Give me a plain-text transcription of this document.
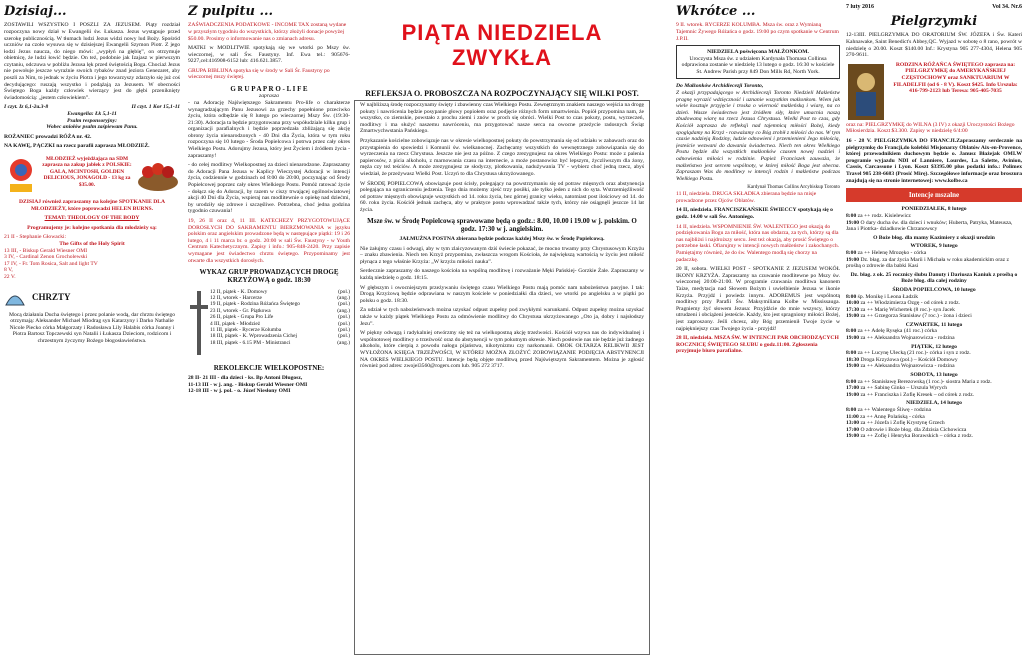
Dzisiaj...

ZOSTAWILI WSZYSTKO I POSZLI ZA JEZUSEM. Piąty rozdział rozpoczyna nowy dział w Ewangelii św. Łukasza. Jezus wystąpuje przed szerokę publicznością. W tłumach ludzi Jezus widzi nowy lud Boży. Spośród uczniów na czoło wysuwa się w dzisiejszej Ewangelii Szymon Piotr. Z jego łodzi Jezus naucza, do niego mówi: „wypłyń na głębię”, on otrzymuje obietnicę, że ludzi łowić będzie. On też, podobnie jak Izajasz w pierwszym czytaniu, odczuwa w pobliżu Jezusa lęk przed świętością Boga. Chociaż Jezus nie powołuje jeszcze wyraźnie swoich rybaków znad jeziora Genezaret, aby poszli za Nim, to jednak w życiu Piotra i jego towarzyszy zdarzyło się już coś decydującego: ruszają wszystko i podążają za Jezusem. W obecności Świętego Boga każdy człowiek wierzący jest do głębi przeniknięty świadomością: „jestem człowiekiem”.

I czyt. Iz 6,1-2a.3-8	II czyt. 1 Kor 15,1-11
Ewangelia: Łk 5,1-11
Psalm responsoryjny:

Wobec aniołów psalm zaśpiewam Panu.

ROŻANIEC prowadzi RÓŻA nr. 42.

NA KAWĘ, PĄCZKI na rzecz parafii zaprasza MŁODZIEŻ.

MŁODZIEŻ wyjeżdżająca na SDM zaprasza na zakup jabłek z POLSKIE: GALA, MCINTOSH, GOLDEN DELICIOUS, JONAGOLD - 13 kg za $35.00.

DZISIAJ również zapraszamy na kolejne SPOTKANIE DLA MŁODZIEŻY, które poprowadzi HELEN BURNS.

TEMAT: THEOLOGY OF THE BODY

Programujemy je: kolejne spotkania dla młodzieży są:

21 II - Stephanie Głowacki:
The Gifts of the Holy Spirit
13 III, - Biskup Gerald Wiesner OMI
3 IV, - Cardinal Zenon Grocholewski
17 IV, - Fr. Tom Rosica, Salt and light TV
8 V,
22 V.
CHRZTY

Mocą działania Ducha świętego i przez polanie wodą, dar chrztu świętego otrzymają: Aleksander Michael Miodrag syn Katarzyny i Darko Nathalie Nicole Piecko córka Małgorzaty i Radosława Lily Halabis córka Joanny i Piotra Bartosz Topczewski syn Natalii i Łukasza Dzieciom, rodzicom i chrzestnym życzymy Bożego błogosławieństwa.

Z pulpitu ...

ZAŚWIADCZENIA PODATKOWE - INCOME TAX zostaną wydane w przyszłym tygodniu do wszystkich, którzy złożyli donacje powyżej $50.00. Prosimy o informowanie nas o zmianach adresu.

MATKI w MODLITWIE spotykają się we wtorki po Mszy św. wieczornej, w sali Św. Faustyny. Inf. Ewa tel.: 905676-9227,cel:416908-6152 lub: 416.621.3857.

GRUPA BIBLIJNA spotyka się w środy w Sali Śr. Faustyny po wieczornej mszy świętej.

G R U P A P R O - L I F E
zaprasza

- na Adorację Najświętszego Sakramentu Pro-life o charakterze wynagradzającym Panu Jezusowi za grzechy popełnione przeciwko życiu, która odbędzie się 8 lutego po wieczornej Mszy Św. (19:30-21:30). Adoracja ta będzie przygotowana przy współudziale kilku grup i organizacji parafialnych i będzie poprzedzała zbliżającą się akcję obrony życia nienarodzonych - 40 Dni dla Życia, która w tym roku rozpoczyna się 10 lutego - Środa Popielcowa i potrwa przez cały okres Wielkiego Postu. Adorujmy Jezusa, który jest Życiem i źródłem życia - zapraszamy!

- do celej modlitwy Wielkopostnej za dzieci nienarodzone. Zapraszamy do Adoracji Pana Jezusa w Kaplicy Wieczystej Adoracji w intencji życia, codziennie w godzinach od 8:00 do 20:00, poczynając od Środy Popielcowej poprzez cały okres Wielkiego Postu. Pomóż ratować życie - dołącz się do Adoracji, by razem w ciszy trwającej ogólnoświatowej akcji 40 Dni dla Życia, wspieraj nas modlitewnie o opiekę nad dziećmi, by urodziły się zdrowe i szczęśliwe. Potrzebna, choć jedna godzina tygodnio czuwania!

19, 26 II oraz 4, 11 III. KATECHEZY PRZYGOTOWUJĄCE DOROSŁYCH DO SAKRAMENTU BIERZMOWANIA w języku polskim oraz angielskim prowadzone będą w następujące piątki: 19 i 26 lutego, 4 i 11 marca br. o godz. 20:00 w sali Św. Faustyny - w Youth Centrum Katechetycznym. Zapisy i info.: 905-848-2420. Przy zapisie wymagane jest świadectwo chrztu świętego. Przypominamy jest otwarte dla wszystkich dorosłych.

WYKAZ GRUP PROWADZĄCYCH DROGĘ KRZYŻOWĄ o godz. 18:30
12 II, piątek - K. Domowy	(pol.)
12 II, wtorek - Harcerze	(ang.)
19 II, piątek - Rodzina Różańca Świętego	(pol.)
23 II, wtorek - Gr. Piątkowa	(ang.)
26 II, piątek - Grupa Pro Life	(pol.)
4 III, piątek - Młodzież	(pol.)
11 III, piątek - Rycerze Kolumba	(pol.)
18 III, piątek - K. Wprowadzenia Cichej	(pol.)
18 III, piątek - 6.15 PM - Ministranci	(ang.)
REKOLEKCJE WIELKOPOSTNE:
28 II- 21 III - dla dzieci - ks. Bp Antoni Długosz,
11-13 III - w j. ang. - Biskup Gerald Wiesner OMI
12-18 III - w j. pol. - o. Józef Niesłony OMI
PIĄTA NIEDZIELA ZWYKŁA
REFLEKSJA O. PROBOSZCZA NA ROZPOCZYNAJĄCY SIĘ WILKI POST.

W najbliższą środę rozpoczynamy święty i zbawienny czas Wielkiego Postu. Zewnętrznym znakiem naszego wejścia na drogę pokuty i nawrócenia będzie posypanie głowy popiołem oraz podjęcie różnych form umartwienia. Popiół przypomina nam, że wszystko, co ziemskie, powstało z prochu ziemi i znów w proch się obróci. Wielki Post to czas pokuty, postu, wyrzeczeń, modlitwy i ma służyć naszemu nawróceniu, ma przygotować nasze serca na owocne przeżycie radosnych Świąt Zmartwychwstania Pańskiego.

Przykazanie kościelne zobowiązuje nas w okresie wielkopostnej pokuty do powstrzymania się od udziału w zabawach oraz do przystąpienia do spowiedzi i Komunii św. wielkanocnej. Zachęcamy wszystkich do wewnętrznego zobowiązania się do wyrzeczenia na rzecz Chrystusa. Jeszcze nie jest za późno. Z czego zrezygnujesz na okres Wielkiego Postu: może z palenia papierosów, z picia alkoholu, z marnowania czasu na internecie, a może postanowisz być lepszym, życzliwszym dla żony, męża czy też teściów. A może zrezygnujesz ze słodyczy, plotkowania, nadużywania TV - wybierz choć jedną rzecz, abyś wiedział, że przeżywasz Wielki Post. Uczyń to dla Chrystusa ukrzyżowanego.

W ŚRODĘ POPIELCOWĄ obowiązuje post ścisły, polegający na powstrzymaniu się od potraw mięsnych oraz abstynencja polegająca na ograniczeniu jedzenia. Tego dnia możemy zjeść trzy posiłki, ale tylko jeden z nich do syta. Wstrzemięźliwość od potraw mięsnych obowiązuje wszystkich od 14. roku życia, bez górnej granicy wieku, natomiast post ilościowy od 14. do 60. roku życia. Kościół jednak zachęca, aby w praktyce postu wprowadzać także tych, którzy nie osiągnęli jeszcze 14 lat życia.

Msze św. w Środę Popielcową sprawowane będą o godz.: 8.00, 10.00 i 19.00 w j. polskim. O godz. 17:30 w j. angielskim.

JAŁMUŻNA POSTNA zbierana będzie podczas każdej Mszy św. w Środę Popielcową.

Nie żałujmy czasu i odwagi, aby w tym zlaicyzowanym dziś świecie pokazać, że mocno trwamy przy Chrystusowym Krzyżu – znaku zbawienia. Niech ten Krzyż przypomina, zwłaszcza wrogom Kościoła, że największą wartością w życiu jest miłość płynąca z tego właśnie Krzyża: „W krzyżu miłości nauka”.

Serdecznie zapraszamy do naszego kościoła na wspólną modlitwę i rozważanie Męki Pańskiej- Gorzkie Żale. Zapraszamy w każdą niedzielę o godz. 18:15.

W głębszym i owocniejszym przeżywaniu świętego czasu Wielkiego Postu mają pomóc nam nabożeństwa pasyjne. I tak: Drogą Krzyżową będzie odprawiana w naszym kościele w poniedziałki dla dzieci, we wtorki po angielsku a w piątki po polsku o godz. 18:30.

Za udział w tych nabożeństwach można uzyskać odpust zupełny pod zwykłymi warunkami. Odpust zupełny można uzyskać także w każdy piątek Wielkiego Postu za odmówienie modlitwy do Chrystusa ukrzyżowanego „Oto ja, dobry i najsłodszy Jezu”.

W piękny odwagą i radykalniej otwórzmy się też na wielkopostną akcję trzeźwości. Kościół wzywa nas do indywidualnej i wspólnotowej modlitwy o trzeźwość oraz do abstynencji w tym pokutnym okresie. Niech posłowie nas nie będzie już żadnego alkoholu, które cierpią z powodu nałogu pijaństwa, nikotynizmu czy narkomanii. OBOK OŁTARZA RELIKWII JEST WYŁOŻONA KSIĘGA TRZEŹWOŚCI, W KTÓREJ MOŻNA ZŁOŻYĆ ZOBOWIĄZANIE PODJĘCIA ABSTYNENCJI NA OKRES WIELKIEGO POSTU. Intencje będą objęte modlitwą przed Najświętszym Sakramentem. Można je zgłosić również pod adres: zwojel3560@rogers.com lub. 905 272 3717.

Wkrótce ...

9 II. wtorek. RYCERZE KOLUMBA. Msza św. oraz z Wymianą Tajemnic Żywego Różańca o godz. 19:00 po czym spotkanie w Centrum J.P.II.

NIEDZIELA poświęcona MAŁŻONKOM.
Uroczysta Msza św. z udziałem Kardynała Thomasa Collinsa odprawiona zostanie w niedzielę 13 lutego o godz. 16:30 w kościele St. Andrew Parish przy 849 Don Mills Rd, North York.
Do Małżonków Archidiecezji Toronto,

Z okazji przypadającego w Archidiecezji Toronto Niedzieli Małżeństw pragnę wyrazić wdzięczność i uznanie wszystkim małżonkom. Wiem jak wiele kosztuje przyjęcie i troska o wierność małżeńską i wiarę, na co dzień. Wasze świadectwo jest źródłem siły, które umacnia naszą zbudowaną wiarę na rzecz Jezusa Chrystusa. Wielki Post to czas, gdy Kościół zaprasza do refleksji nad tajemnicą miłości Bożej, kiedy spoglądamy na Krzyż - rozważamy co Bóg zrobił z miłości do nas. W tym czasie nadzieją Rodziny, ludzie odnowieni i przemienieni Jego miłością, jesteście wezwani do dawania świadectwa. Niech ten okres Wielkiego Postu będzie dla wszystkich małżonków czasem nowej nadziei i odnowienia miłości w rodzinie. Papież Franciszek zauważa, że małżeństwo jest sercem wspólnoty, w której miłość Boga jest obecna. Zapraszam Was do modlitwy w intencji rodzin i małżeństw podczas Wielkiego Postu.

Kardynał Thomas Collins Arcybiskup Toronto

11 II, niedziela. DRUGA SKŁADKA zbierana będzie na misje prowadzone przez Ojców Oblatów.

14 II, niedziela. FRANCISZKAŃSKIE ŚWIECCY spotykają się o godz. 14.00 w sali Św. Antoniego.

14 II, niedziela. WSPOMNIENIE ŚW. WALENTEGO jest okazją do podziękowania Bogu za miłość, która nas obdarza, za tych, którzy są dla nas najbliżsi i najdroższy sercu. Jest też okazją, aby prosić Świętego o potrzebne łaski. Ofiarujmy w intencji nowych małżeństw i zakochanych. Pamiętajmy również, że do św. Walentego modlą się chorzy na padaczkę.

20 II, sobota. WIELKI POST - SPOTKANIE Z JEZUSEM WOKÓŁ IKONY KRZYŻA. Zapraszamy na czuwanie modlitewne po Mszy św. wieczornej 20:00-21:00. W programie czuwania modlitwa kanonem Taize, medytacja nad Słowem Bożym i uwielbienie Jezusa w ikonie Krzyża. Przyjdź i powiedz innym. ADOREMUS jest wspólnotą modlitwy przy Parafii Św. Maksymiliana Kolbe w Mississauga. Pragniemy żyć słowem Jezusa: Przyjdźcie do mnie wszyscy, którzy utrudzeni i obciążeni jesteście. Każdy, kto jest spragniony miłości Bożej, jest zaproszony. Jeśli chcesz, aby Bóg przemienił Twoje życie w najpiękniejszy czas Twojego życia - przyjdź!

28 II, niedziela. MSZA ŚW. W INTENCJI PAR OBCHODZĄCYCH ROCZNICĘ ŚWIĘTEGO SŁUBU o godz.11:00. Zgłoszenia przyjmuje biuro parafialne.

7 luty 2016	Vol 34. Nr.6
Pielgrzymki

12-13III. PIELGRZYMKA DO ORATORIUM ŚW. JÓZEFA i Św. Kateri Kahnawake, Saint Benedict's Abbey,QC. Wyjazd w sobotę o 8 rano, powrót w niedzielę o 20.00. Koszt $140.00 Inf.: Krystyna 905 277-4304, Helena 905 270-9611.

RODZINA RÓŻAŃCA ŚWIĘTEGO zaprasza na: PIELGRZYMKĘ do AMERYKAŃSKIEJ CZĘSTOCHOWY oraz SANKTUARIUM W FILADELFII (od 6 - 8 V). Koszt $425. Info Urszula: 416-799-2123 lub Teresa: 905-405-7035

oraz na: PIELGRZYMKĘ do WILNA (3 IV) z okazji Uroczystości Bożego Miłosierdzia. Koszt $3.300. Zapisy w niedzielę 6/4:00

16 - 28 V. PIELGRZYMKA DO FRANCJI.Zapraszamy serdecznie na pielgrzymkę do Francji,do kolebki Misjonarzy Oblatów Aix-en-Provence, której przewodnikiem duchowym będzie o. Janusz Błażejak OMI.W programie wyjazdu NDI of Lanniere, Lourdes, La Salette, Avinion, Cassis, Carcassone i Lyon. Koszt $3395.00 plus podatki info.: Polimex Travel 905 238-6683 (Prosić Mirę). Szczegółowe informacje oraz broszura znajdują się na stronie internetowej: www.kolbe.ca

Intencje mszalne
PONIEDZIAŁEK, 8 lutego
8:00 za ++ rodz. Kisielewicz
19:00 O dary ducha św. dla dzieci i wnuków; Huberta, Patryka, Mateusza, Jana i Piotrka- dziadkowie Chrzanowscy
O Boże błog. dla mamy Kazimiery z okazji urodzin
WTOREK, 9 lutego
8:00 za ++ Helenę Mrozęko - córka
19:00 Dz. błag. za dar życia Marii i Michała w roku akademickim oraz z prośbą o zdrowie dla babki Kasi
Dz. błag. z ok. 25 rocznicy ślubu Danuty i Dariusza Kaniuk z prośbą o Boże błog. dla całej rodziny
ŚRODA POPIELCOWA, 10 lutego
8:00 śp. Monikę i Leona Ładzik
10:00 za ++ Włodzimierza Ozgę - od córek z rodz.
17:30 za ++ Marię Wichertek (8 roc.)- syn Jacek
19:00 za ++ Grzegorza Stanisław (7 roc.) - żona i dzieci
CZWARTEK, 11 lutego
8:00 za ++ Adelę Rysęka (41 roc.) córka
19:00 za ++ Aleksandra Wojnarowicza - rodzina
PIĄTEK, 12 lutego
8:00 za ++ Lucynę Ulecką (21 roc.)- córka i syn z rodz.
18:30 Droga Krzyżowa (pol.) – Kościół Domowy
19:00 za ++ Aleksandra Wojnarowicza - rodzina
SOBOTA, 13 lutego
8:00 za ++ Stanisławę Berezowską (1 roc.)- siostra Maria z rodz.
17:00 za ++ Sabinę Ginko – Urszula Wyrych
19:00 za ++ Franciszka i Zofię Kresek – od córek z rodz.
NIEDZIELA, 14 lutego
8:00 za ++ Walentego Śliwę - rodzina
11:00 za ++ Annę Polańską - córka
13:00 za ++ Józefa i Zofię Krystynę Grzech
17:00 O zdrowie i Boże błog. dla Zdzisia Cichowicza
19:00 za ++ Zofię i Henryka Borawskich – córka z rodz.
